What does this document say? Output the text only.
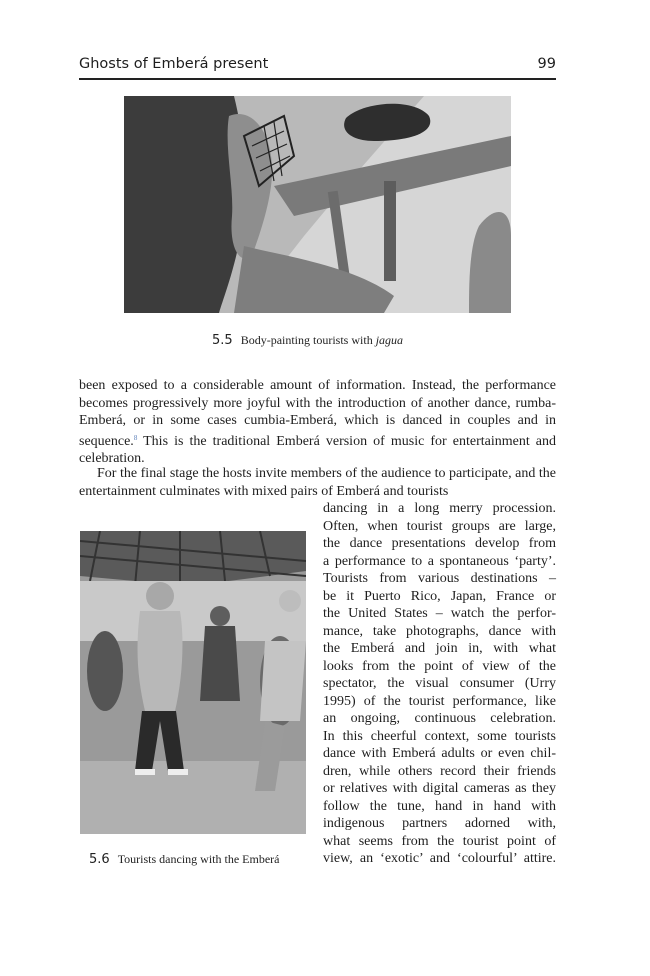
Ghosts of Emberá present	99
5.5 Body-painting tourists with jagua
been exposed to a considerable amount of information. Instead, the performance becomes progressively more joyful with the introduction of another dance, rumba-Emberá, or in some cases cumbia-Emberá, which is danced in couples and in sequence.$^8$ This is the traditional Emberá version of music for entertainment and celebration.
For the final stage the hosts invite members of the audience to participate, and the entertainment culminates with mixed pairs of Emberá and tourists
5.6 Tourists dancing with the Emberá
dancing in a long merry procession.
Often, when tourist groups are large,
the dance presentations develop from
a performance to a spontaneous ‘party’.
Tourists from various destinations –
be it Puerto Rico, Japan, France or
the United States – watch the perfor-
mance, take photographs, dance with
the Emberá and join in, with what
looks from the point of view of the
spectator, the visual consumer (Urry
1995) of the tourist performance, like
an ongoing, continuous celebration.
In this cheerful context, some tourists
dance with Emberá adults or even chil-
dren, while others record their friends
or relatives with digital cameras as they
follow the tune, hand in hand with
indigenous partners adorned with,
what seems from the tourist point of
view, an ‘exotic’ and ‘colourful’ attire.
